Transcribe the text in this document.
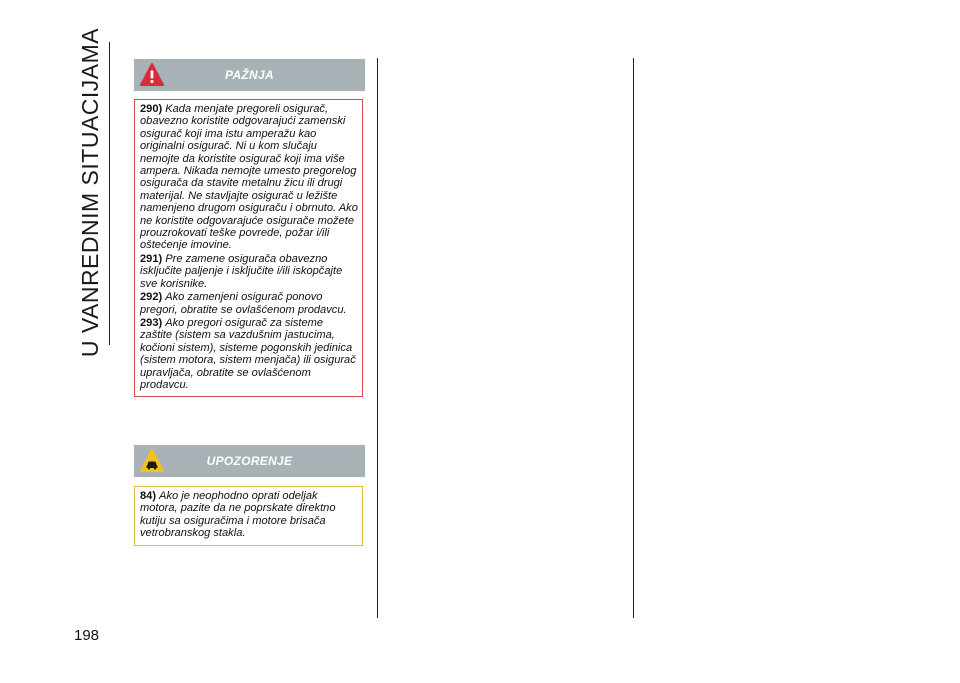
U VANREDNIM SITUACIJAMA
198
PAŽNJA

290) Kada menjate pregoreli osigurač, obavezno koristite odgovarajući zamenski osigurač koji ima istu amperažu kao originalni osigurač. Ni u kom slučaju nemojte da koristite osigurač koji ima više ampera. Nikada nemojte umesto pregorelog osigurača da stavite metalnu žicu ili drugi materijal. Ne stavljajte osigurač u ležište namenjeno drugom osiguraču i obrnuto. Ako ne koristite odgovarajuće osigurače možete prouzrokovati teške povrede, požar i/ili oštećenje imovine.

291) Pre zamene osigurača obavezno isključite paljenje i isključite i/ili iskopčajte sve korisnike.

292) Ako zamenjeni osigurač ponovo pregori, obratite se ovlašćenom prodavcu.

293) Ako pregori osigurač za sisteme zaštite (sistem sa vazdušnim jastucima, kočioni sistem), sisteme pogonskih jedinica (sistem motora, sistem menjača) ili osigurač upravljača, obratite se ovlašćenom prodavcu.

UPOZORENJE

84) Ako je neophodno oprati odeljak motora, pazite da ne poprskate direktno kutiju sa osiguračima i motore brisača vetrobranskog stakla.
